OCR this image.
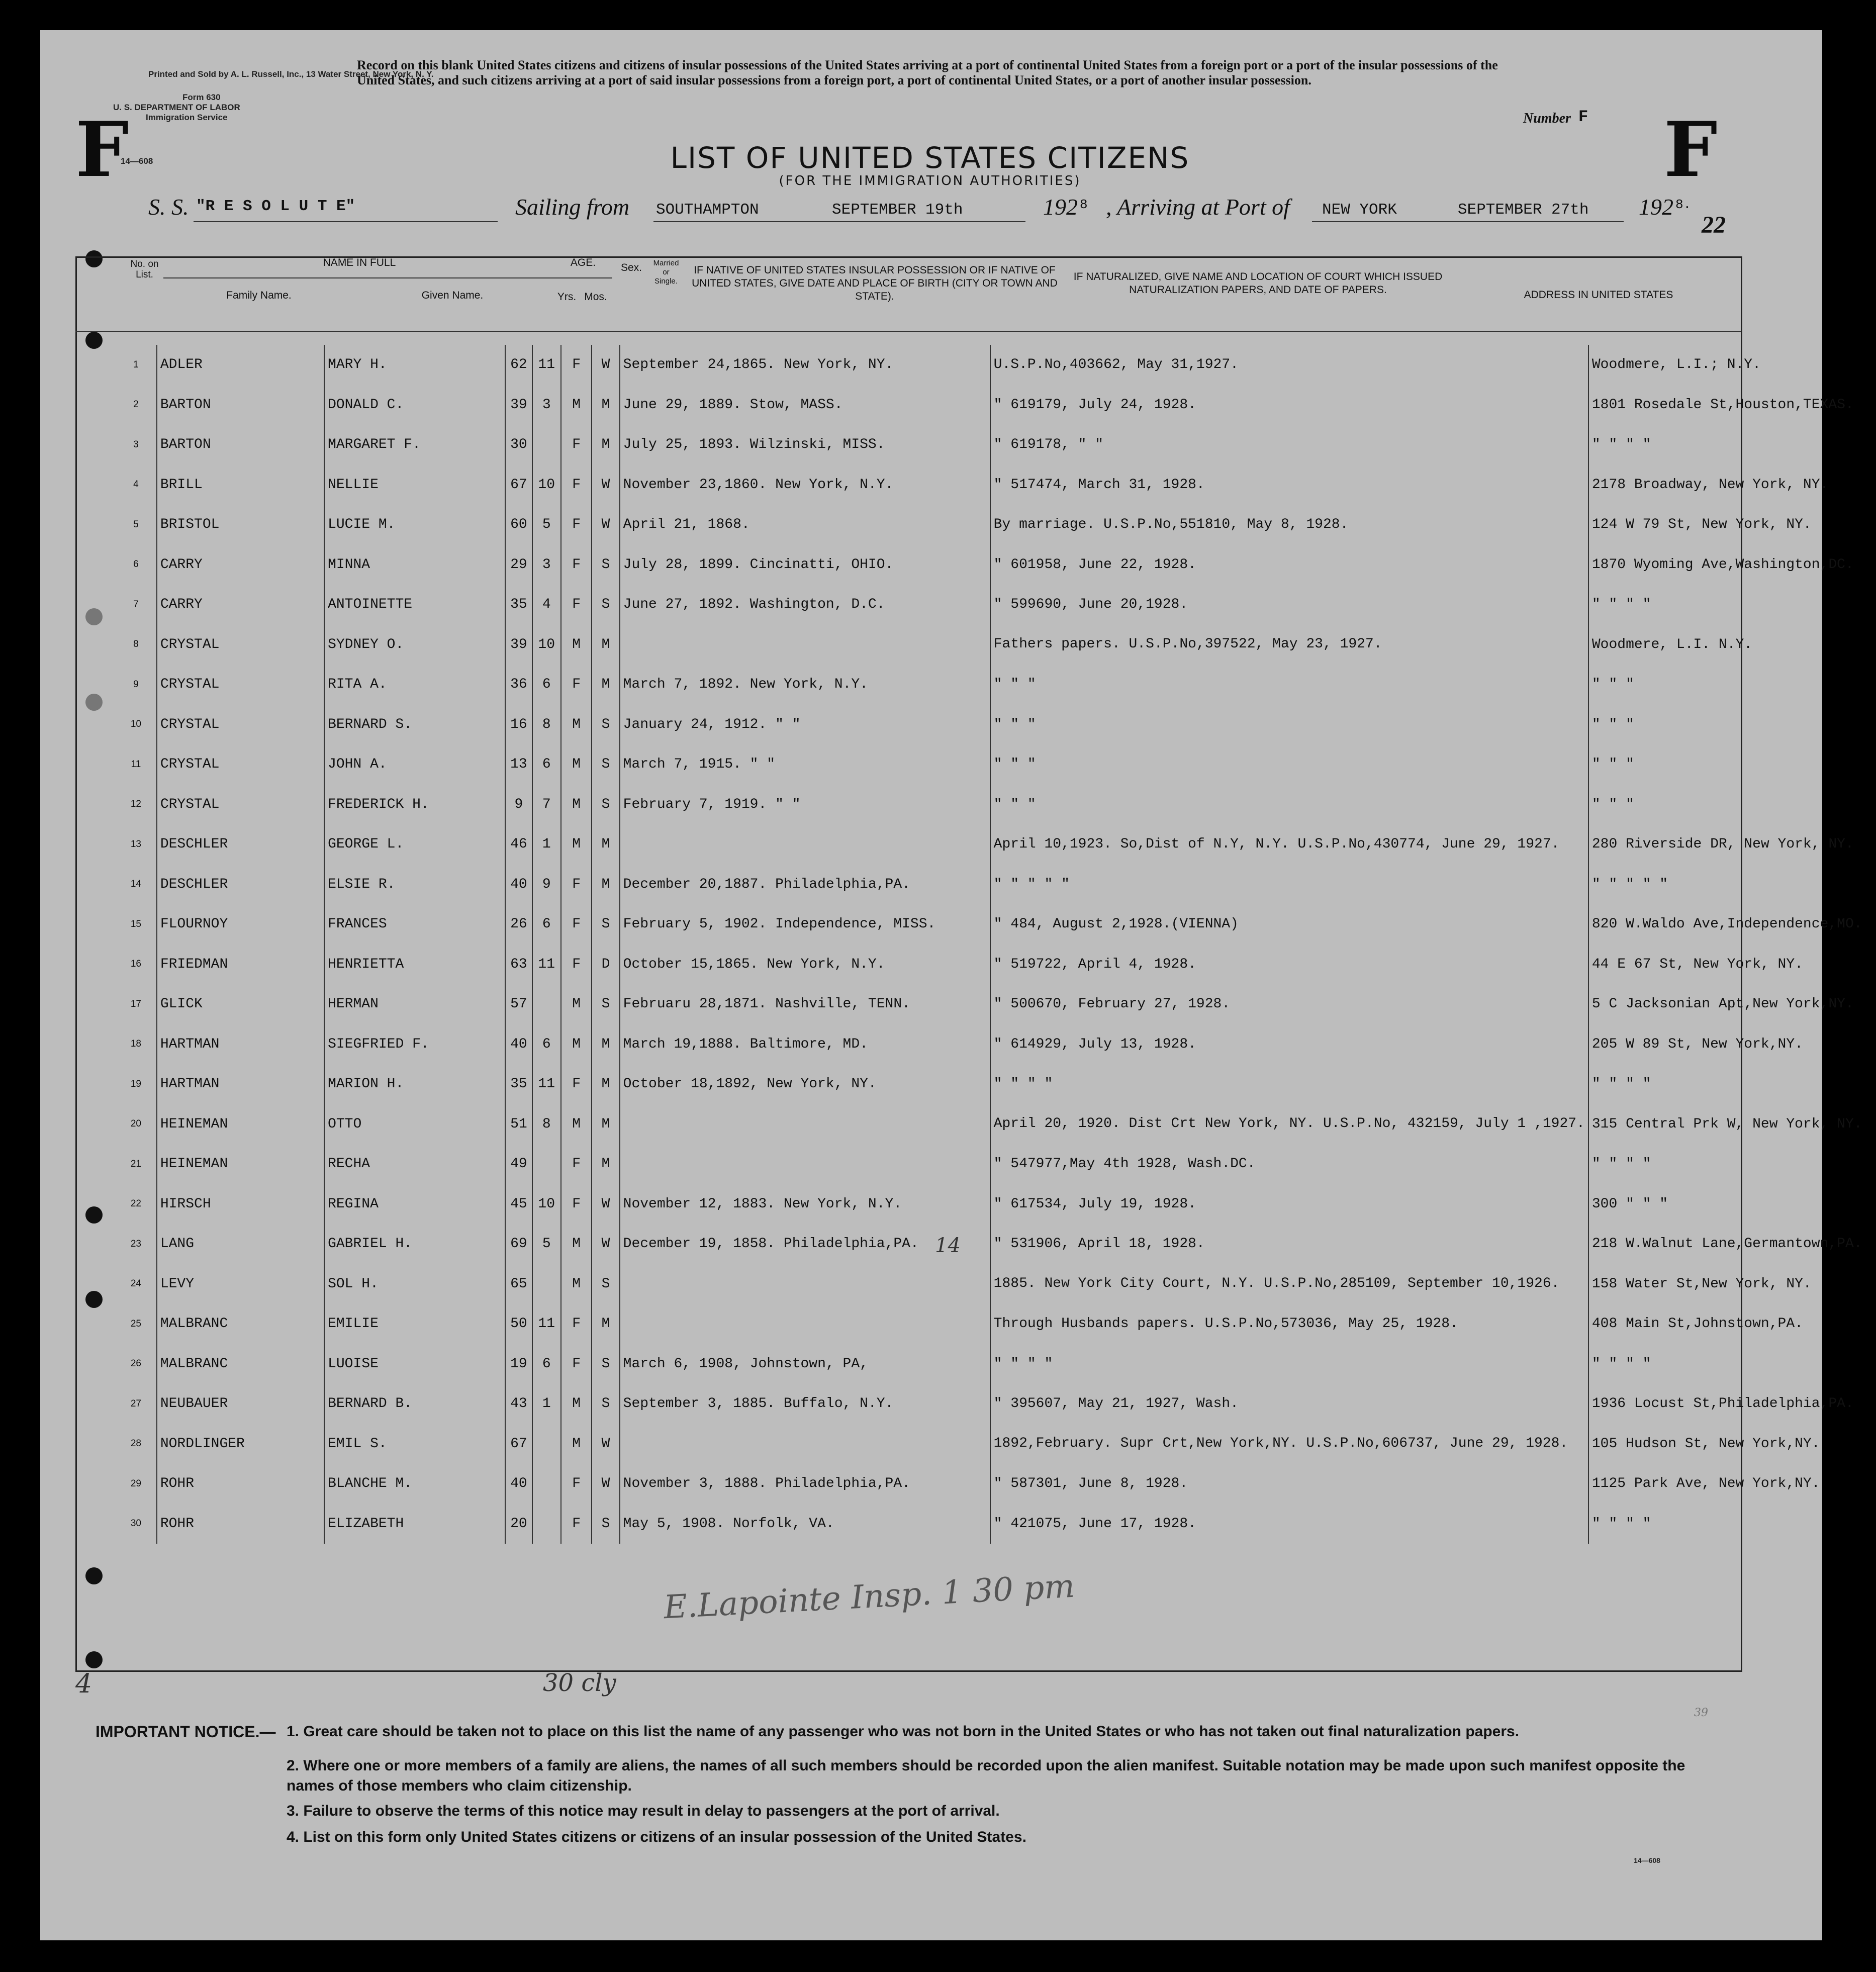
Printed and Sold by A. L. Russell, Inc., 13 Water Street, New York, N. Y.
Form 630
U. S. DEPARTMENT OF LABOR
Immigration Service
14—608
Record on this blank United States citizens and citizens of insular possessions of the United States arriving at a port of continental United States from a foreign port or a port of the insular possessions of the United States, and such citizens arriving at a port of said insular possessions from a foreign port, a port of continental United States, or a port of another insular possession.
F	F
Number F
LIST OF UNITED STATES CITIZENS
(FOR THE IMMIGRATION AUTHORITIES)
S. S. "R E S O L U T E"	Sailing from SOUTHAMPTON	SEPTEMBER 19th	192 8 , Arriving at Port of NEW YORK	SEPTEMBER 27th 192 8.
22
No. on List.
NAME IN FULL
Family Name.	Given Name.
AGE.
Yrs. Mos.
Sex.	Married or Single.
IF NATIVE OF UNITED STATES INSULAR POSSESSION OR IF NATIVE OF UNITED STATES, GIVE DATE AND PLACE OF BIRTH (CITY OR TOWN AND STATE).
IF NATURALIZED, GIVE NAME AND LOCATION OF COURT WHICH ISSUED NATURALIZATION PAPERS, AND DATE OF PAPERS.	ADDRESS IN UNITED STATES
1	ADLER	MARY H.	62	11	F	W	September 24,1865. New York, NY.	U.S.P.No,403662, May 31,1927.	Woodmere, L.I.; N.Y.
2	BARTON	DONALD C.	39	3	M	M	June 29, 1889. Stow, MASS.	" 619179, July 24, 1928.	1801 Rosedale St,Houston,TEXAS.
3	BARTON	MARGARET F.	30		F	M	July 25, 1893. Wilzinski, MISS.	" 619178, " "	" " " "
4	BRILL	NELLIE	67	10	F	W	November 23,1860. New York, N.Y.	" 517474, March 31, 1928.	2178 Broadway, New York, NY.
5	BRISTOL	LUCIE M.	60	5	F	W	April 21, 1868.	By marriage. U.S.P.No,551810, May 8, 1928.	124 W 79 St, New York, NY.
6	CARRY	MINNA	29	3	F	S	July 28, 1899. Cincinatti, OHIO.	" 601958, June 22, 1928.	1870 Wyoming Ave,Washington,DC.
7	CARRY	ANTOINETTE	35	4	F	S	June 27, 1892. Washington, D.C.	" 599690, June 20,1928.	" " " "
8	CRYSTAL	SYDNEY O.	39	10	M	M		Fathers papers. U.S.P.No,397522, May 23, 1927.	Woodmere, L.I. N.Y.
9	CRYSTAL	RITA A.	36	6	F	M	March 7, 1892. New York, N.Y.	" " "	" " "
10	CRYSTAL	BERNARD S.	16	8	M	S	January 24, 1912. " "	" " "	" " "
11	CRYSTAL	JOHN A.	13	6	M	S	March 7, 1915. " "	" " "	" " "
12	CRYSTAL	FREDERICK H.	9	7	M	S	February 7, 1919. " "	" " "	" " "
13	DESCHLER	GEORGE L.	46	1	M	M		April 10,1923. So,Dist of N.Y, N.Y. U.S.P.No,430774, June 29, 1927.	280 Riverside DR, New York, NY.
14	DESCHLER	ELSIE R.	40	9	F	M	December 20,1887. Philadelphia,PA.	" " " " "	" " " " "
15	FLOURNOY	FRANCES	26	6	F	S	February 5, 1902. Independence, MISS.	" 484, August 2,1928.(VIENNA)	820 W.Waldo Ave,Independence,MO.
16	FRIEDMAN	HENRIETTA	63	11	F	D	October 15,1865. New York, N.Y.	" 519722, April 4, 1928.	44 E 67 St, New York, NY.
17	GLICK	HERMAN	57		M	S	Februaru 28,1871. Nashville, TENN.	" 500670, February 27, 1928.	5 C Jacksonian Apt,New York,NY.
18	HARTMAN	SIEGFRIED F.	40	6	M	M	March 19,1888. Baltimore, MD.	" 614929, July 13, 1928.	205 W 89 St, New York,NY.
19	HARTMAN	MARION H.	35	11	F	M	October 18,1892, New York, NY.	" " " "	" " " "
20	HEINEMAN	OTTO	51	8	M	M		April 20, 1920. Dist Crt New York, NY. U.S.P.No, 432159, July 1 ,1927.	315 Central Prk W, New York, NY.
21	HEINEMAN	RECHA	49		F	M		" 547977,May 4th 1928, Wash.DC.	" " " "
22	HIRSCH	REGINA	45	10	F	W	November 12, 1883. New York, N.Y.	" 617534, July 19, 1928.	300 " " "
23	LANG	GABRIEL H.	69	5	M	W	December 19, 1858. Philadelphia,PA.	" 531906, April 18, 1928.	218 W.Walnut Lane,Germantown,PA.
24	LEVY	SOL H.	65		M	S		1885. New York City Court, N.Y. U.S.P.No,285109, September 10,1926.	158 Water St,New York, NY.
25	MALBRANC	EMILIE	50	11	F	M		Through Husbands papers. U.S.P.No,573036, May 25, 1928.	408 Main St,Johnstown,PA.
26	MALBRANC	LUOISE	19	6	F	S	March 6, 1908, Johnstown, PA,	" " " "	" " " "
27	NEUBAUER	BERNARD B.	43	1	M	S	September 3, 1885. Buffalo, N.Y.	" 395607, May 21, 1927, Wash.	1936 Locust St,Philadelphia,PA.
28	NORDLINGER	EMIL S.	67		M	W		1892,February. Supr Crt,New York,NY. U.S.P.No,606737, June 29, 1928.	105 Hudson St, New York,NY.
29	ROHR	BLANCHE M.	40		F	W	November 3, 1888. Philadelphia,PA.	" 587301, June 8, 1928.	1125 Park Ave, New York,NY.
30	ROHR	ELIZABETH	20		F	S	May 5, 1908. Norfolk, VA.	" 421075, June 17, 1928.	" " " "
E.Lapointe Insp. 1 30 pm
4	30 cly
14
39
IMPORTANT NOTICE.— 1. Great care should be taken not to place on this list the name of any passenger who was not born in the United States or who has not taken out final naturalization papers.
2. Where one or more members of a family are aliens, the names of all such members should be recorded upon the alien manifest. Suitable notation may be made upon such manifest opposite the names of those members who claim citizenship.
3. Failure to observe the terms of this notice may result in delay to passengers at the port of arrival.
4. List on this form only United States citizens or citizens of an insular possession of the United States.
14—608
